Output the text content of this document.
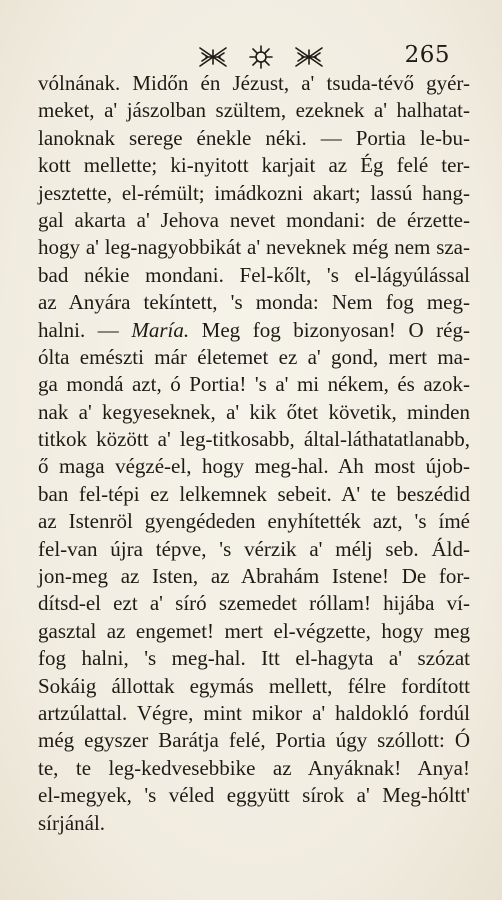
265
vólnának. Midőn én Jézust, a' tsuda-tévő gyér-
meket, a' jászolban szültem, ezeknek a' halhatat-
lanoknak serege énekle néki. — Portia le-bu-
kott mellette; ki-nyitott karjait az Ég felé ter-
jesztette, el-rémült; imádkozni akart; lassú hang-
gal akarta a' Jehova nevet mondani: de érzette-
hogy a' leg-nagyobbikát a' neveknek még nem sza-
bad nékie mondani. Fel-kőlt, 's el-lágyúlással
az Anyára tekíntett, 's monda: Nem fog meg-
halni. — María. Meg fog bizonyosan! O rég-
ólta emészti már életemet ez a' gond, mert ma-
ga mondá azt, ó Portia! 's a' mi nékem, és azok-
nak a' kegyeseknek, a' kik őtet követik, minden
titkok között a' leg-titkosabb, által-láthatatlanabb,
ő maga végzé-el, hogy meg-hal. Ah most újob-
ban fel-tépi ez lelkemnek sebeit. A' te beszédid
az Istenröl gyengédeden enyhítették azt, 's ímé
fel-van újra tépve, 's vérzik a' mélj seb. Áld-
jon-meg az Isten, az Abrahám Istene! De for-
dítsd-el ezt a' síró szemedet róllam! hijába ví-
gasztal az engemet! mert el-végzette, hogy meg
fog halni, 's meg-hal. Itt el-hagyta a' szózat
Sokáig állottak egymás mellett, félre fordított
artzúlattal. Végre, mint mikor a' haldokló fordúl
még egyszer Barátja felé, Portia úgy szóllott: Ó
te, te leg-kedvesebbike az Anyáknak! Anya!
el-megyek, 's véled eggyütt sírok a' Meg-hóltt'
sírjánál.
